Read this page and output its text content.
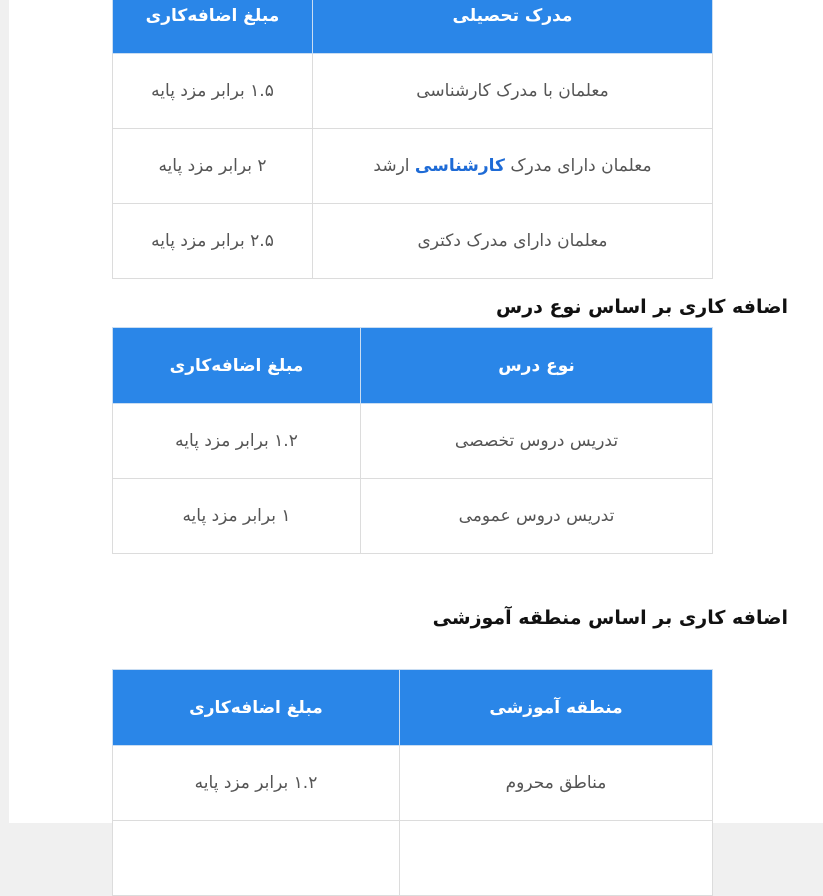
مدرک تحصیلی	مبلغ اضافه‌کاری
معلمان با مدرک کارشناسی	۱.۵ برابر مزد پایه
معلمان دارای مدرک کارشناسی ارشد	۲ برابر مزد پایه
معلمان دارای مدرک دکتری	۲.۵ برابر مزد پایه
اضافه کاری بر اساس نوع درس
نوع درس	مبلغ اضافه‌کاری
تدریس دروس تخصصی	۱.۲ برابر مزد پایه
تدریس دروس عمومی	۱ برابر مزد پایه
اضافه کاری بر اساس منطقه آموزشی
منطقه آموزشی	مبلغ اضافه‌کاری
مناطق محروم	۱.۲ برابر مزد پایه
